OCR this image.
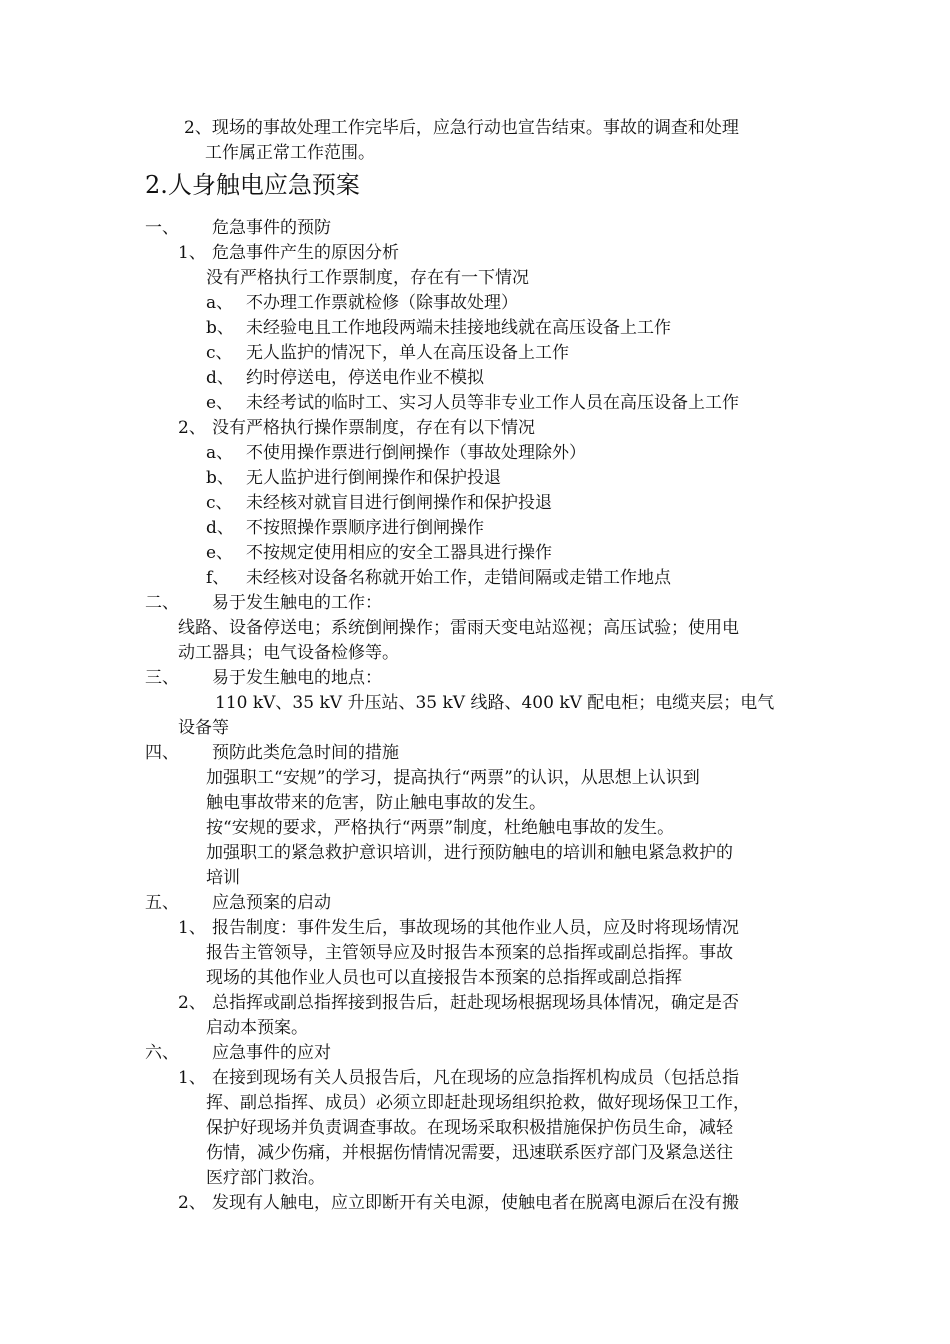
2、现场的事故处理工作完毕后，应急行动也宣告结束。事故的调查和处理
工作属正常工作范围。
2.人身触电应急预案
一、 危急事件的预防
1、 危急事件产生的原因分析
没有严格执行工作票制度，存在有一下情况
a、 不办理工作票就检修（除事故处理）
b、 未经验电且工作地段两端未挂接地线就在高压设备上工作
c、 无人监护的情况下，单人在高压设备上工作
d、 约时停送电，停送电作业不模拟
e、 未经考试的临时工、实习人员等非专业工作人员在高压设备上工作
2、 没有严格执行操作票制度，存在有以下情况
a、 不使用操作票进行倒闸操作（事故处理除外）
b、 无人监护进行倒闸操作和保护投退
c、 未经核对就盲目进行倒闸操作和保护投退
d、 不按照操作票顺序进行倒闸操作
e、 不按规定使用相应的安全工器具进行操作
f、 未经核对设备名称就开始工作，走错间隔或走错工作地点
二、 易于发生触电的工作：
线路、设备停送电；系统倒闸操作；雷雨天变电站巡视；高压试验；使用电
动工器具；电气设备检修等。
三、 易于发生触电的地点：
110 kV、35 kV 升压站、35 kV 线路、400 kV 配电柜；电缆夹层；电气
设备等
四、 预防此类危急时间的措施
加强职工“安规”的学习，提高执行“两票”的认识，从思想上认识到
触电事故带来的危害，防止触电事故的发生。
按“安规的要求，严格执行“两票”制度，杜绝触电事故的发生。
加强职工的紧急救护意识培训，进行预防触电的培训和触电紧急救护的
培训
五、 应急预案的启动
1、 报告制度：事件发生后，事故现场的其他作业人员，应及时将现场情况
报告主管领导，主管领导应及时报告本预案的总指挥或副总指挥。事故
现场的其他作业人员也可以直接报告本预案的总指挥或副总指挥
2、 总指挥或副总指挥接到报告后，赶赴现场根据现场具体情况，确定是否
启动本预案。
六、 应急事件的应对
1、 在接到现场有关人员报告后，凡在现场的应急指挥机构成员（包括总指
挥、副总指挥、成员）必须立即赶赴现场组织抢救，做好现场保卫工作，
保护好现场并负责调查事故。在现场采取积极措施保护伤员生命，减轻
伤情，减少伤痛，并根据伤情情况需要，迅速联系医疗部门及紧急送往
医疗部门救治。
2、 发现有人触电，应立即断开有关电源，使触电者在脱离电源后在没有搬
